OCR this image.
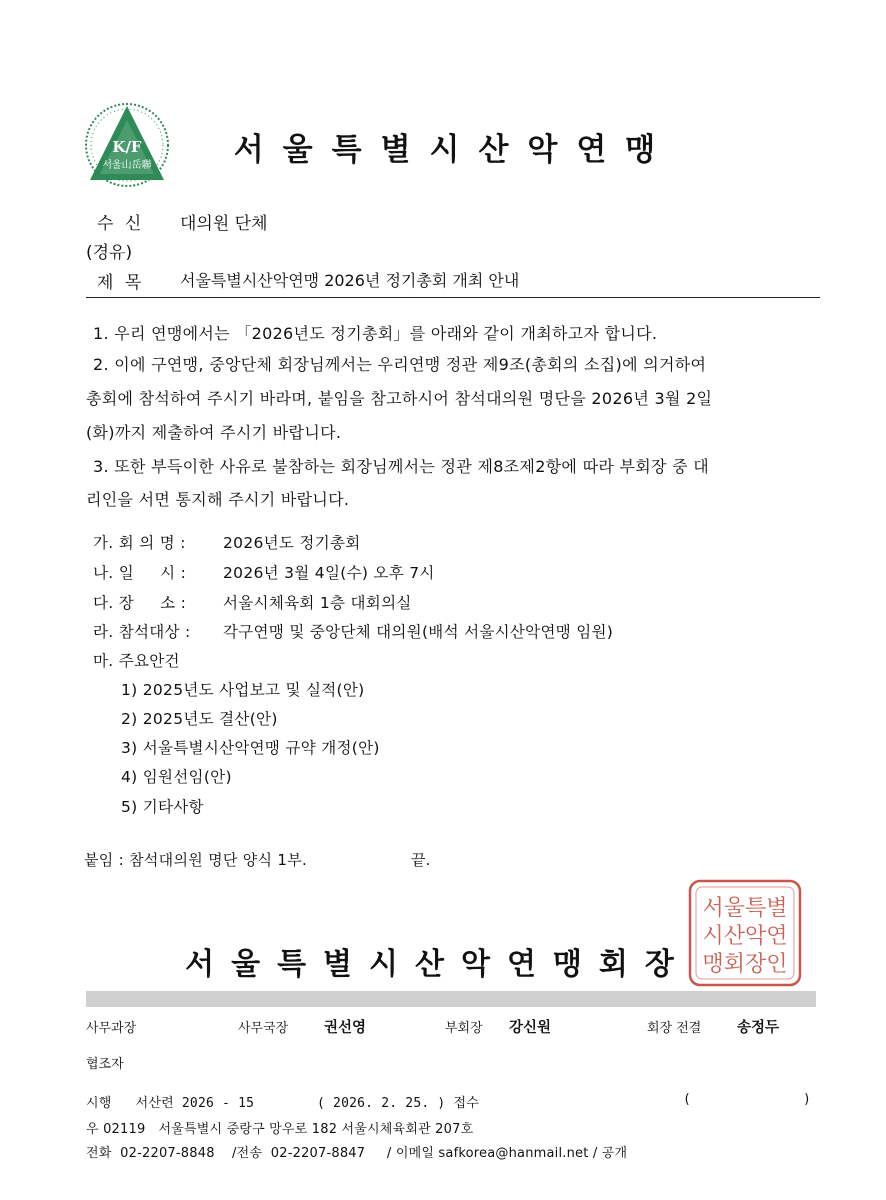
K/F
서울山岳聯	서울특별시산악연맹
수 신 대의원 단체
(경유)
제 목 서울특별시산악연맹 2026년 정기총회 개최 안내
1. 우리 연맹에서는 「2026년도 정기총회」를 아래와 같이 개최하고자 합니다.
2. 이에 구연맹, 중앙단체 회장님께서는 우리연맹 정관 제9조(총회의 소집)에 의거하여
총회에 참석하여 주시기 바라며, 붙임을 참고하시어 참석대의원 명단을 2026년 3월 2일
(화)까지 제출하여 주시기 바랍니다.
3. 또한 부득이한 사유로 불참하는 회장님께서는 정관 제8조제2항에 따라 부회장 중 대
리인을 서면 통지해 주시기 바랍니다.
가. 회 의 명 : 2026년도 정기총회
나. 일     시 : 2026년 3월 4일(수) 오후 7시
다. 장     소 : 서울시체육회 1층 대회의실
라. 참석대상 : 각구연맹 및 중앙단체 대의원(배석 서울시산악연맹 임원)
마. 주요안건
1) 2025년도 사업보고 및 실적(안)
2) 2025년도 결산(안)
3) 서울특별시산악연맹 규약 개정(안)
4) 임원선임(안)
5) 기타사항
붙임 : 참석대의원 명단 양식 1부.	끝.
서울특별
시산악연
맹회장인
서울특별시산악연맹회장
사무과장	사무국장 권선영	부회장 강신원	회장 전결 송정두
협조자
시행   서산련 2026 - 15	( 2026. 2. 25. ) 접수	(	)
우 02119   서울특별시 중랑구 망우로 182 서울시체육회관 207호
전화  02-2207-8848    /전송  02-2207-8847     / 이메일 safkorea@hanmail.net / 공개
